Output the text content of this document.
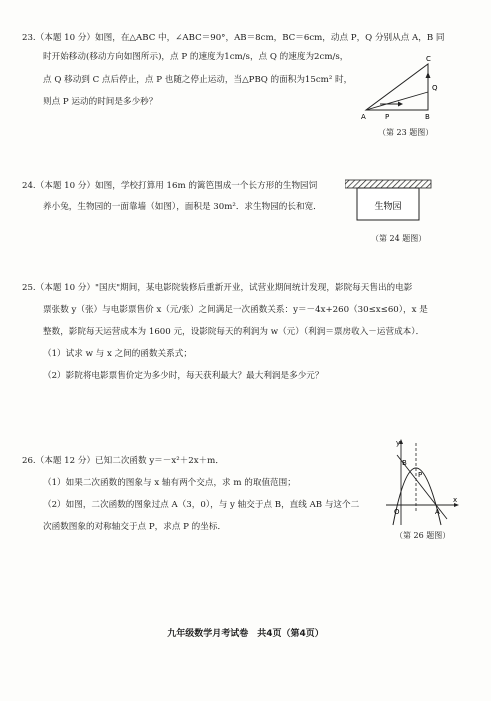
23.（本题 10 分）如图，在△ABC 中，∠ABC＝90°，AB＝8cm，BC＝6cm，动点 P，Q 分别从点 A，B 同
时开始移动(移动方向如图所示)，点 P 的速度为1cm/s，点 Q 的速度为2cm/s，
点 Q 移动到 C 点后停止，点 P 也随之停止运动，当△PBQ 的面积为15cm² 时，
则点 P 运动的时间是多少秒？
C
Q
A	P	B
（第 23 题图）
24.（本题 10 分）如图，学校打算用 16m 的篱笆围成一个长方形的生物园饲
养小兔，生物园的一面靠墙（如图），面积是 30m²．求生物园的长和宽．	生物园
（第 24 题图）
25.（本题 10 分）"国庆"期间，某电影院装修后重新开业，试营业期间统计发现，影院每天售出的电影
票张数 y（张）与电影票售价 x（元/张）之间满足一次函数关系：y＝－4x+260（30≤x≤60），x 是
整数，影院每天运营成本为 1600 元，设影院每天的利润为 w（元）（利润＝票房收入－运营成本）．
（1）试求 w 与 x 之间的函数关系式；
（2）影院将电影票售价定为多少时，每天获利最大？最大利润是多少元？
26.（本题 12 分）已知二次函数 y＝－x²＋2x＋m．
（1）如果二次函数的图象与 x 轴有两个交点，求 m 的取值范围；
（2）如图，二次函数的图象过点 A（3，0），与 y 轴交于点 B，直线 AB 与这个二
次函数图象的对称轴交于点 P，求点 P 的坐标．
y
B
P
O	A
x
（第 26 题图）
九年级数学月考试卷　共4页（第4页）
